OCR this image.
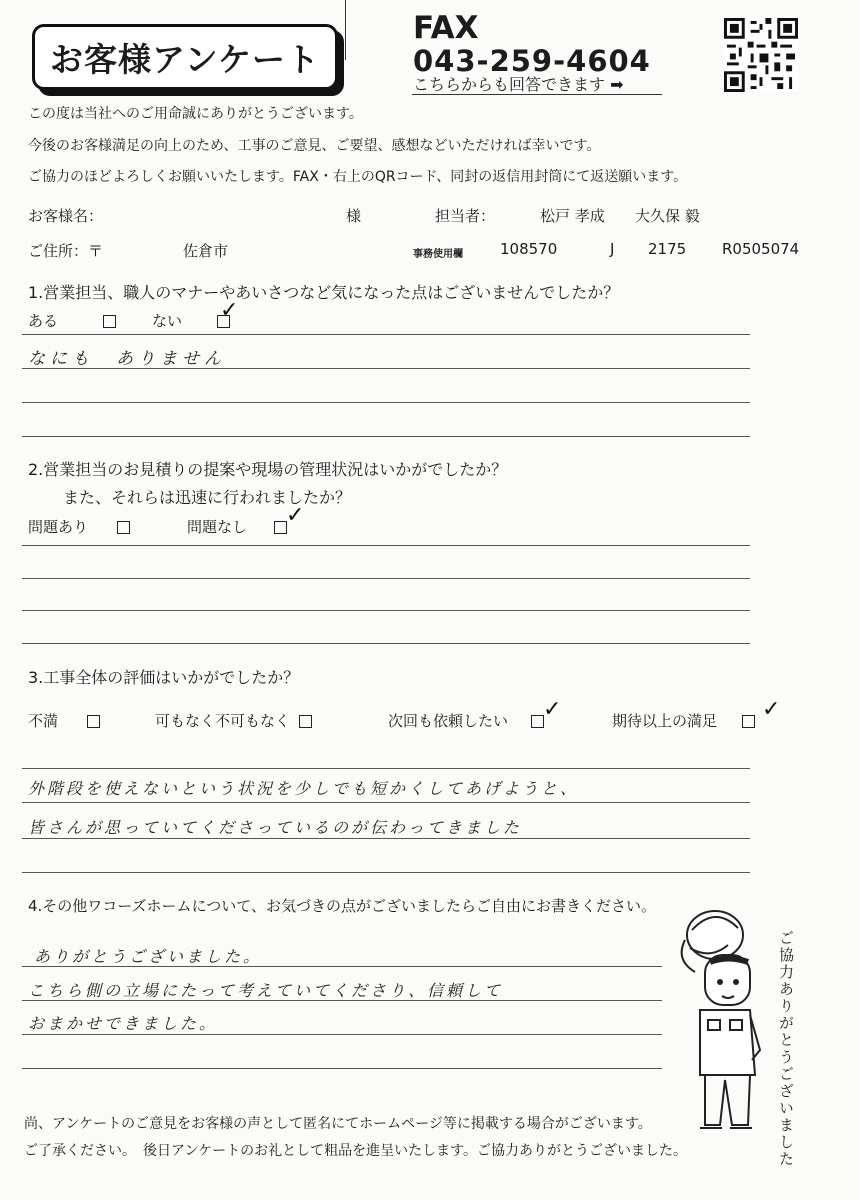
お客様アンケート
FAX
043-259-4604
こちらからも回答できます ➡
この度は当社へのご用命誠にありがとうございます。
今後のお客様満足の向上のため、工事のご意見、ご要望、感想などいただければ幸いです。
ご協力のほどよろしくお願いいたします。FAX・右上のQRコード、同封の返信用封筒にて返送願います。
お客様名：	様	担当者：	松戸 孝成 大久保 毅
ご住所：〒	佐倉市	事務使用欄 108570	J 2175 R0505074
1.営業担当、職人のマナーやあいさつなど気になった点はございませんでしたか？
ある	ない	✓
なにも　ありません
2.営業担当のお見積りの提案や現場の管理状況はいかがでしたか？
また、それらは迅速に行われましたか？
問題あり	問題なし	✓
3.工事全体の評価はいかがでしたか？
不満	可もなく不可もなく	次回も依頼したい	✓	期待以上の満足	✓
外階段を使えないという状況を少しでも短かくしてあげようと、
皆さんが思っていてくださっているのが伝わってきました
4.その他ワコーズホームについて、お気づきの点がございましたらご自由にお書きください。
ありがとうございました。
こちら側の立場にたって考えていてくださり、信頼して
おまかせできました。	ご協力ありがとうございました
尚、アンケートのご意見をお客様の声として匿名にてホームページ等に掲載する場合がございます。
ご了承ください。　後日アンケートのお礼として粗品を進呈いたします。ご協力ありがとうございました。
